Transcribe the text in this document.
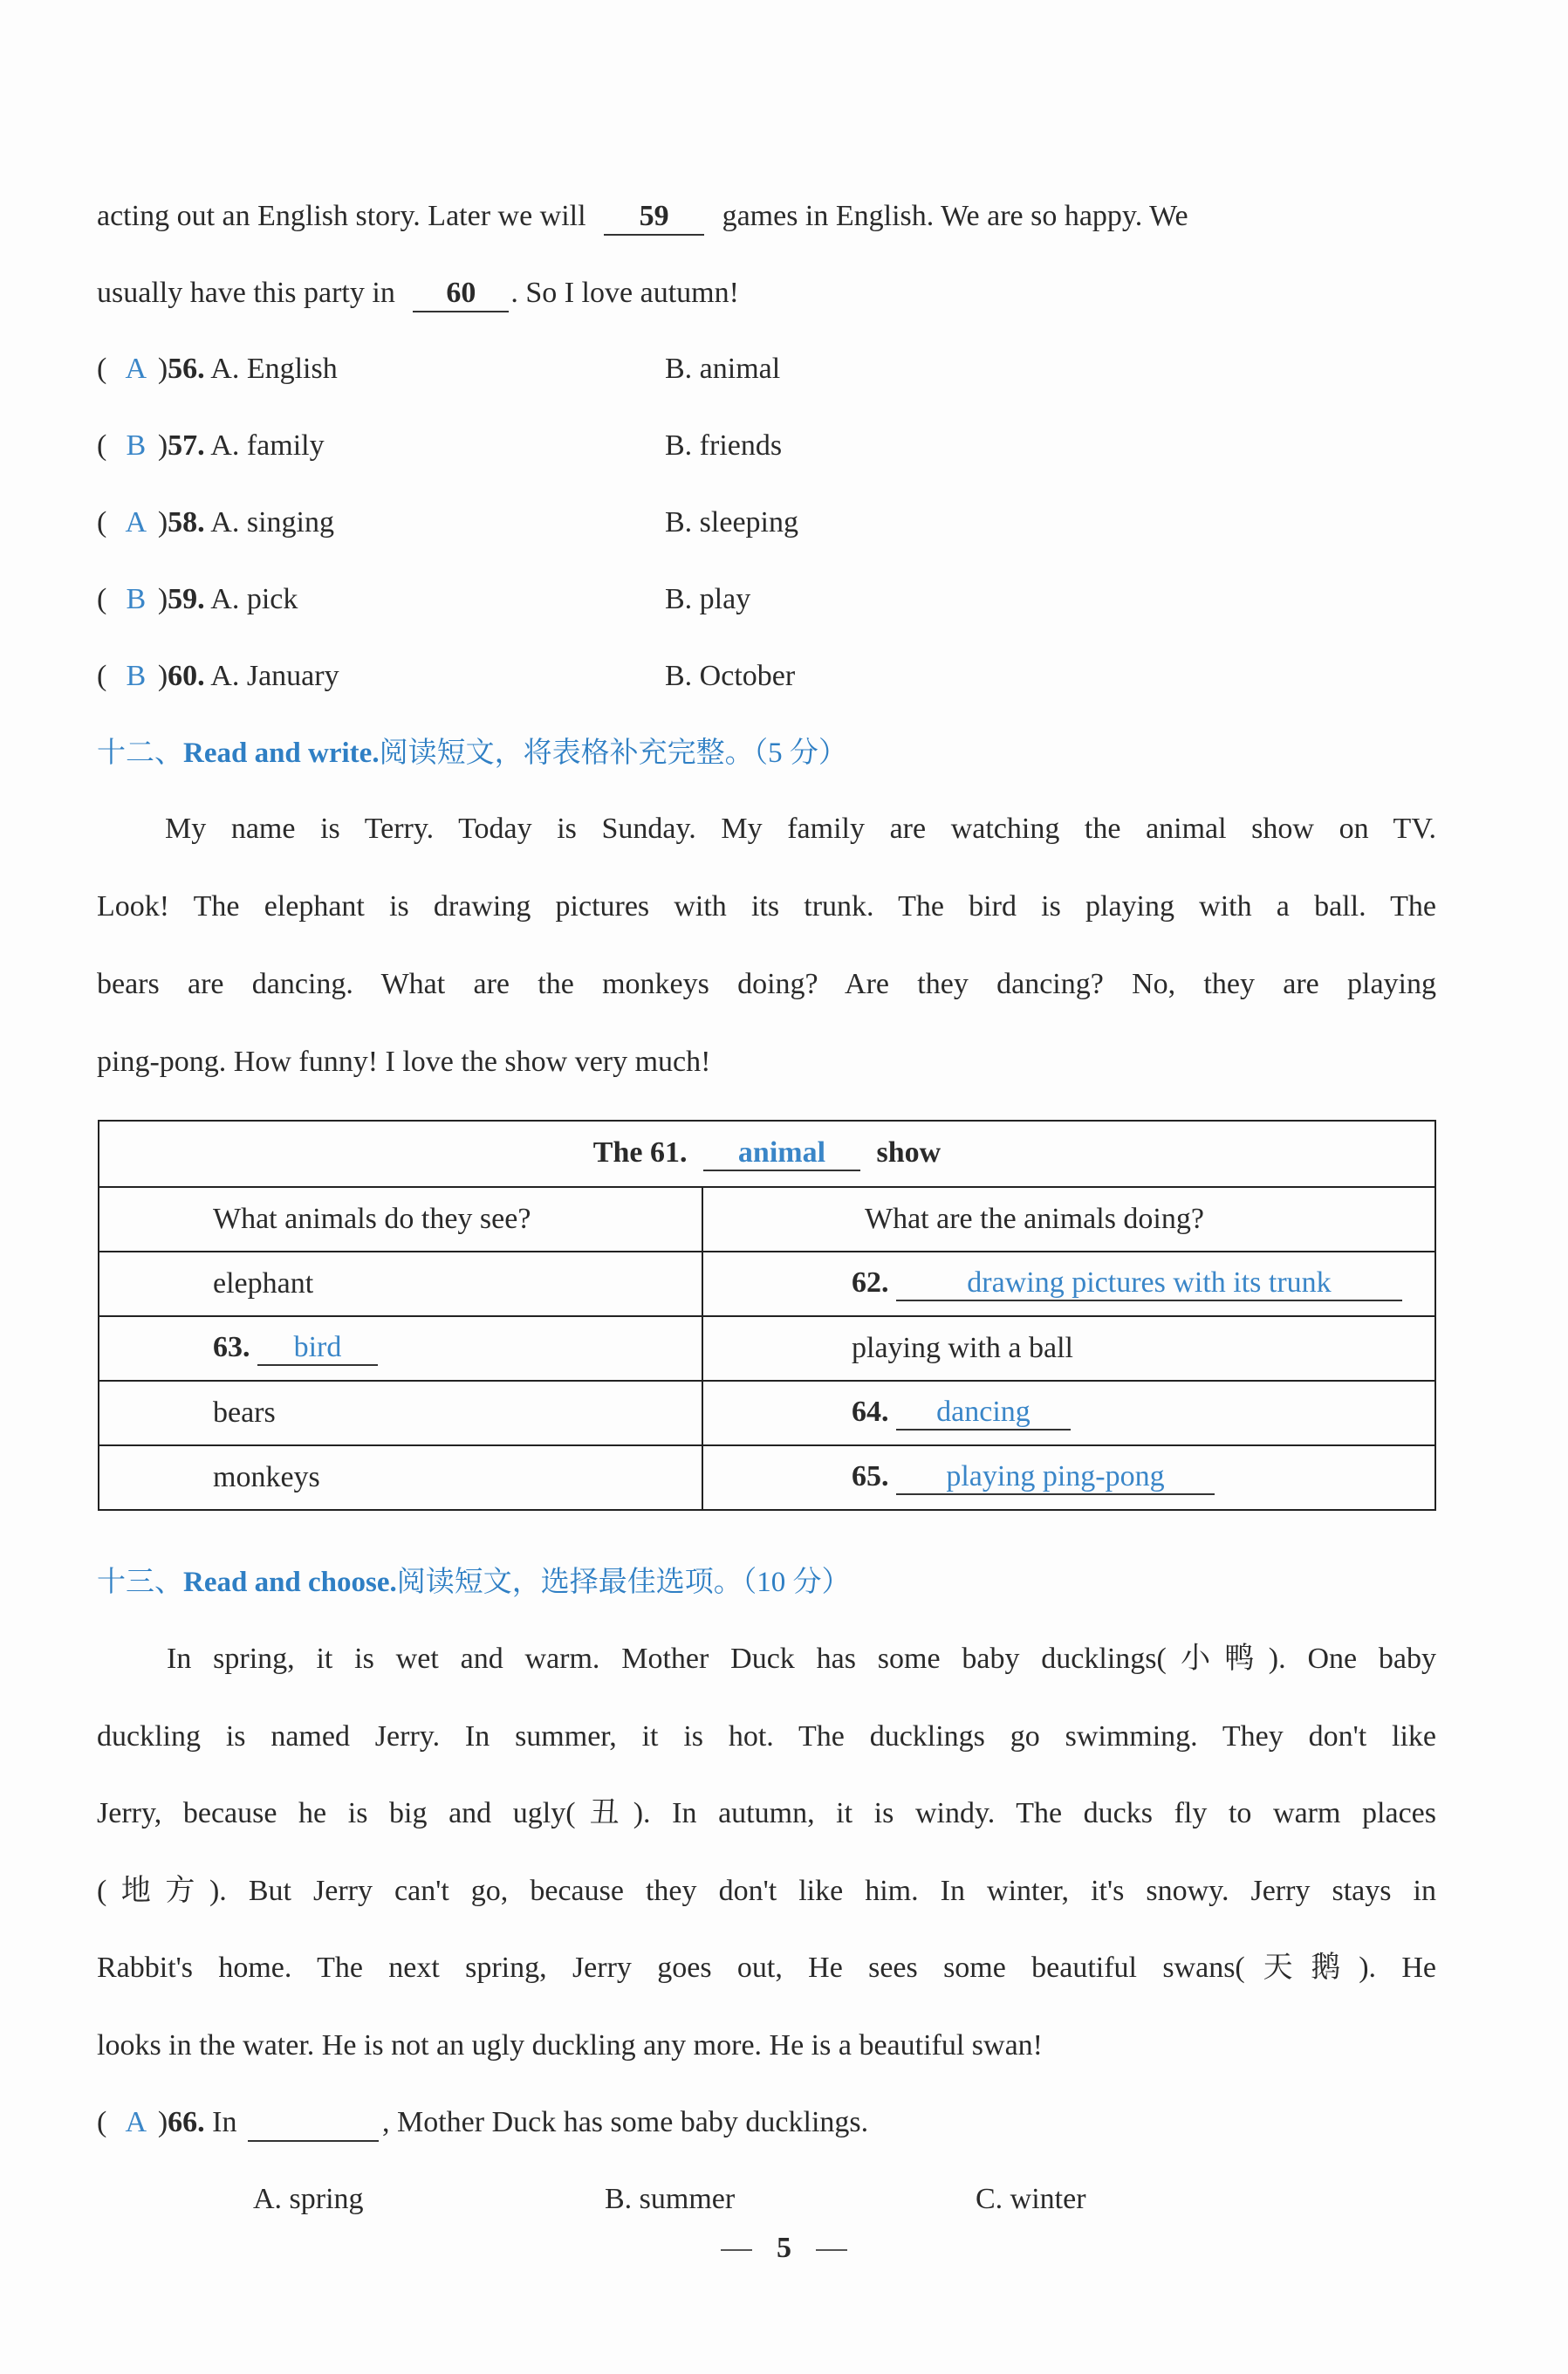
acting out an English story. Later we will 59 games in English. We are so happy. We
usually have this party in 60 . So I love autumn!
( A )56. A. English	B. animal
( B )57. A. family	B. friends
( A )58. A. singing	B. sleeping
( B )59. A. pick	B. play
( B )60. A. January	B. October
十二、Read and write.阅读短文，将表格补充完整。（5 分）
My name is Terry. Today is Sunday. My family are watching the animal show on TV.
Look! The elephant is drawing pictures with its trunk. The bird is playing with a ball. The
bears are dancing. What are the monkeys doing? Are they dancing? No, they are playing
ping-pong. How funny! I love the show very much!
The 61. animal show	
What animals do they see?	What are the animals doing?
elephant	62. drawing pictures with its trunk
63. bird	playing with a ball
bears	64. dancing
monkeys	65. playing ping-pong
十三、Read and choose.阅读短文，选择最佳选项。（10 分）
In spring, it is wet and warm. Mother Duck has some baby ducklings(小鸭). One baby
duckling is named Jerry. In summer, it is hot. The ducklings go swimming. They don't like
Jerry, because he is big and ugly(丑). In autumn, it is windy. The ducks fly to warm places
(地方). But Jerry can't go, because they don't like him. In winter, it's snowy. Jerry stays in
Rabbit's home. The next spring, Jerry goes out, He sees some beautiful swans(天鹅). He
looks in the water. He is not an ugly duckling any more. He is a beautiful swan!
( A )66. In	, Mother Duck has some baby ducklings.
A. spring	B. summer	C. winter
5
